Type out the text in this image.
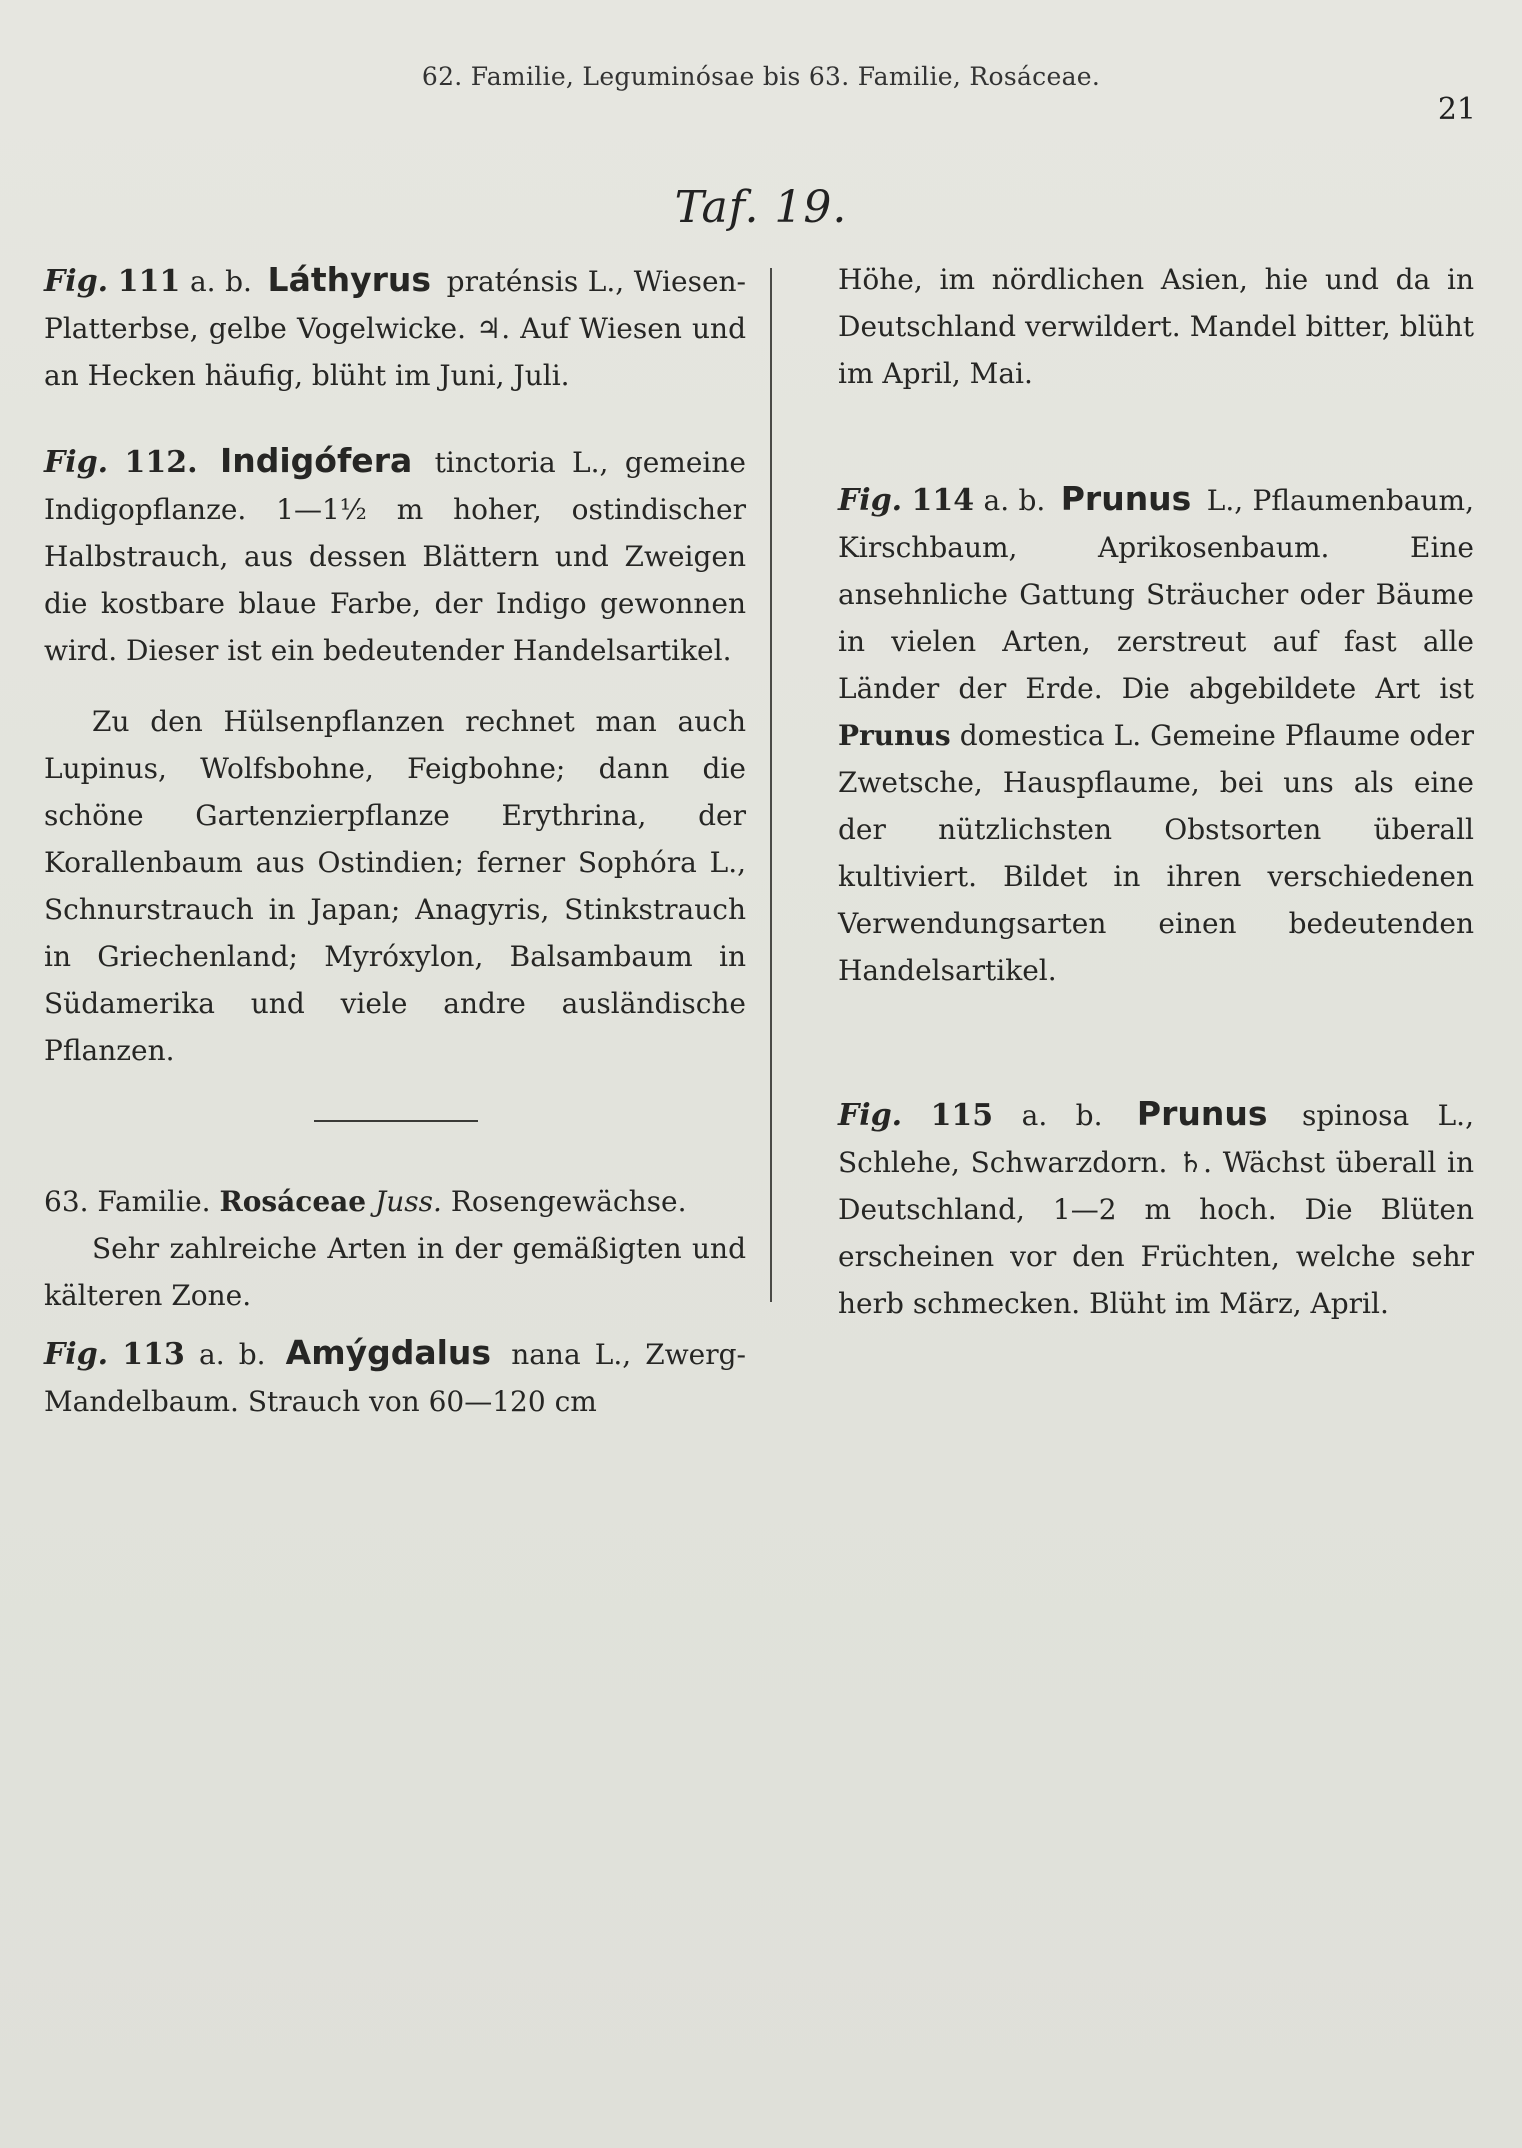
62. Familie, Leguminósae bis 63. Familie, Rosáceae.
21
Taf. 19.

Fig. 111 a. b. Láthyrus praténsis L., Wiesen-Platterbse, gelbe Vogelwicke. ♃. Auf Wiesen und an Hecken häufig, blüht im Juni, Juli.

Fig. 112. Indigófera tinctoria L., gemeine Indigopflanze. 1—1½ m hoher, ostindischer Halbstrauch, aus dessen Blättern und Zweigen die kostbare blaue Farbe, der Indigo gewonnen wird. Dieser ist ein bedeutender Handelsartikel.

Zu den Hülsenpflanzen rechnet man auch Lupinus, Wolfsbohne, Feigbohne; dann die schöne Gartenzierpflanze Erythrina, der Korallenbaum aus Ostindien; ferner Sophóra L., Schnurstrauch in Japan; Anagyris, Stinkstrauch in Griechenland; Myróxylon, Balsambaum in Südamerika und viele andre ausländische Pflanzen.

63. Familie. Rosáceae Juss. Rosengewächse.

Sehr zahlreiche Arten in der gemäßigten und kälteren Zone.

Fig. 113 a. b. Amýgdalus nana L., Zwerg-Mandelbaum. Strauch von 60—120 cm

Höhe, im nördlichen Asien, hie und da in Deutschland verwildert. Mandel bitter, blüht im April, Mai.

Fig. 114 a. b. Prunus L., Pflaumenbaum, Kirschbaum, Aprikosenbaum. Eine ansehnliche Gattung Sträucher oder Bäume in vielen Arten, zerstreut auf fast alle Länder der Erde. Die abgebildete Art ist Prunus domestica L. Gemeine Pflaume oder Zwetsche, Hauspflaume, bei uns als eine der nützlichsten Obstsorten überall kultiviert. Bildet in ihren verschiedenen Verwendungsarten einen bedeutenden Handelsartikel.

Fig. 115 a. b. Prunus spinosa L., Schlehe, Schwarzdorn. ♄. Wächst überall in Deutschland, 1—2 m hoch. Die Blüten erscheinen vor den Früchten, welche sehr herb schmecken. Blüht im März, April.
